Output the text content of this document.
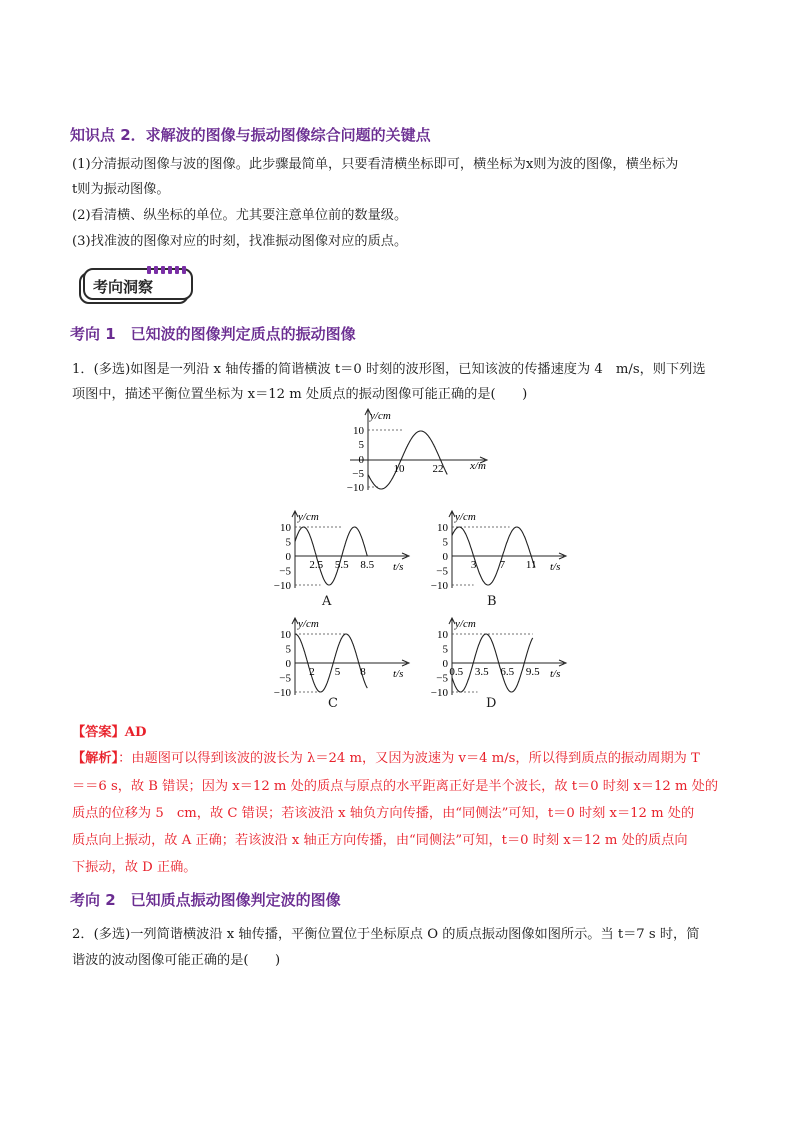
知识点 2．求解波的图像与振动图像综合问题的关键点
(1)分清振动图像与波的图像。此步骤最简单，只要看清横坐标即可，横坐标为x则为波的图像，横坐标为
t则为振动图像。
(2)看清横、纵坐标的单位。尤其要注意单位前的数量级。
(3)找准波的图像对应的时刻，找准振动图像对应的质点。
考向洞察
考向 1　已知波的图像判定质点的振动图像
1．(多选)如图是一列沿 x 轴传播的简谐横波 t＝0 时刻的波形图，已知该波的传播速度为 4　m/s，则下列选
项图中，描述平衡位置坐标为 x＝12 m 处质点的振动图像可能正确的是(　　)
y/cm
x/m
10
5
0
−5
−10
10	22
y/cm
t/s
10
5
0
−5
−10
2.5 5.5 8.5
A
y/cm
t/s
10
5
0
−5
−10
3 7 11
B
y/cm
t/s
10
5
0
−5
−10
2 5 8
C
y/cm
t/s
10
5
0
−5
−10
0.5 3.5 6.5 9.5
D
【答案】AD
【解析】：由题图可以得到该波的波长为 λ＝24 m，又因为波速为 v＝4 m/s，所以得到质点的振动周期为 T
＝＝6 s，故 B 错误；因为 x＝12 m 处的质点与原点的水平距离正好是半个波长，故 t＝0 时刻 x＝12 m 处的
质点的位移为 5　cm，故 C 错误；若该波沿 x 轴负方向传播，由“同侧法”可知，t＝0 时刻 x＝12 m 处的
质点向上振动，故 A 正确；若该波沿 x 轴正方向传播，由“同侧法”可知，t＝0 时刻 x＝12 m 处的质点向
下振动，故 D 正确。
考向 2　已知质点振动图像判定波的图像
2．(多选)一列简谐横波沿 x 轴传播，平衡位置位于坐标原点 O 的质点振动图像如图所示。当 t＝7 s 时，简
谐波的波动图像可能正确的是(　　)
